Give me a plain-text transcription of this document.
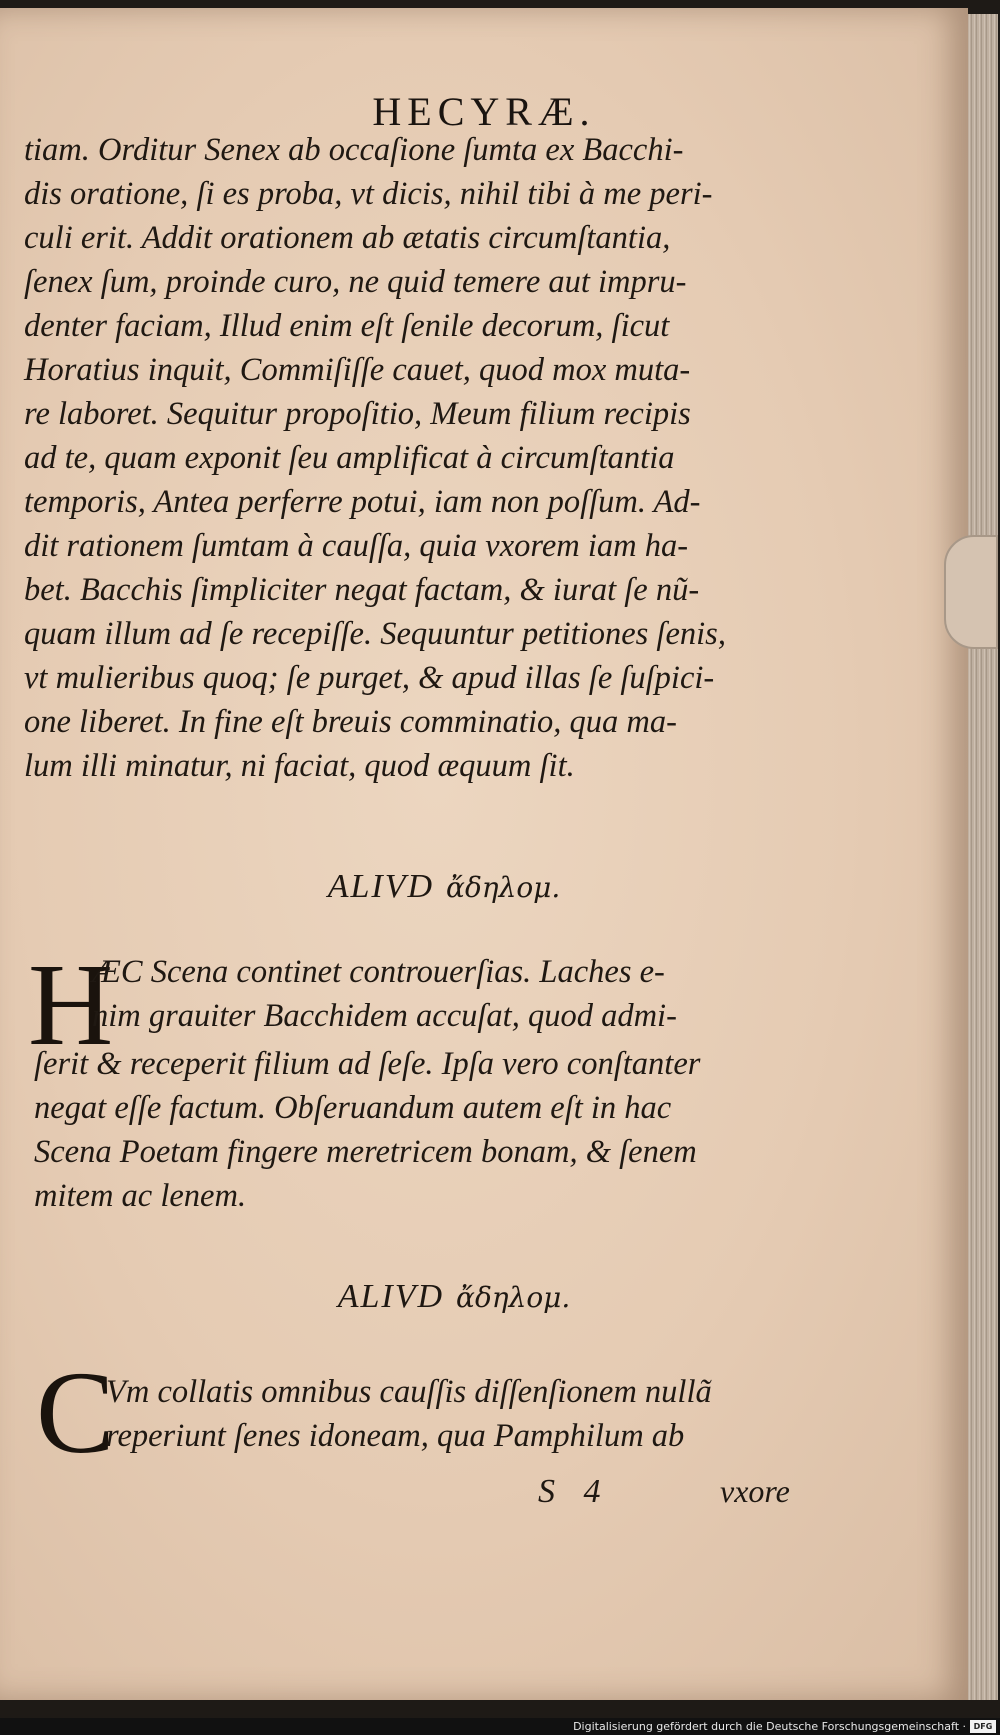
HECYRÆ.
tiam. Orditur Senex ab occaſione ſumta ex Bacchi-
dis oratione, ſi es proba, vt dicis, nihil tibi à me peri-
culi erit. Addit orationem ab ætatis circumſtantia,
ſenex ſum, proinde curo, ne quid temere aut impru-
denter faciam, Illud enim eſt ſenile decorum, ſicut
Horatius inquit, Commiſiſſe cauet, quod mox muta-
re laboret. Sequitur propoſitio, Meum filium recipis
ad te, quam exponit ſeu amplificat à circumſtantia
temporis, Antea perferre potui, iam non poſſum. Ad-
dit rationem ſumtam à cauſſa, quia vxorem iam ha-
bet. Bacchis ſimpliciter negat factam, & iurat ſe nũ-
quam illum ad ſe recepiſſe. Sequuntur petitiones ſenis,
vt mulieribus quoq; ſe purget, & apud illas ſe ſuſpici-
one liberet. In fine eſt breuis comminatio, qua ma-
lum illi minatur, ni faciat, quod æquum ſit.
ALIVD ἄδηλομ.
H
ÆC Scena continet controuerſias. Laches e-
nim grauiter Bacchidem accuſat, quod admi-
ſerit & receperit filium ad ſeſe. Ipſa vero conſtanter
negat eſſe factum. Obſeruandum autem eſt in hac
Scena Poetam fingere meretricem bonam, & ſenem
mitem ac lenem.
ALIVD ἄδηλομ.
C
Vm collatis omnibus cauſſis diſſenſionem nullã
reperiunt ſenes idoneam, qua Pamphilum ab
S 4	vxore
Digitalisierung gefördert durch die Deutsche Forschungsgemeinschaft · DFG
